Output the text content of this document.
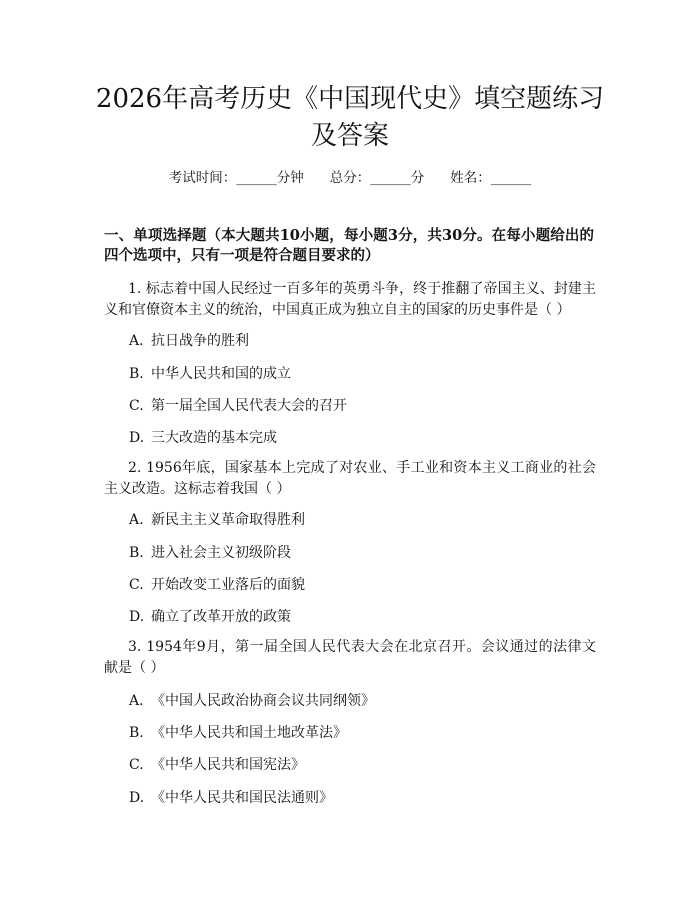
2026年高考历史《中国现代史》填空题练习及答案
考试时间：______分钟 总分：______分 姓名：______

一、单项选择题（本大题共10小题，每小题3分，共30分。在每小题给出的四个选项中，只有一项是符合题目要求的）

1. 标志着中国人民经过一百多年的英勇斗争，终于推翻了帝国主义、封建主义和官僚资本主义的统治，中国真正成为独立自主的国家的历史事件是（ ）

A. 抗日战争的胜利

B. 中华人民共和国的成立

C. 第一届全国人民代表大会的召开

D. 三大改造的基本完成

2. 1956年底，国家基本上完成了对农业、手工业和资本主义工商业的社会主义改造。这标志着我国（ ）

A. 新民主主义革命取得胜利

B. 进入社会主义初级阶段

C. 开始改变工业落后的面貌

D. 确立了改革开放的政策

3. 1954年9月，第一届全国人民代表大会在北京召开。会议通过的法律文献是（ ）

A. 《中国人民政治协商会议共同纲领》

B. 《中华人民共和国土地改革法》

C. 《中华人民共和国宪法》

D. 《中华人民共和国民法通则》
